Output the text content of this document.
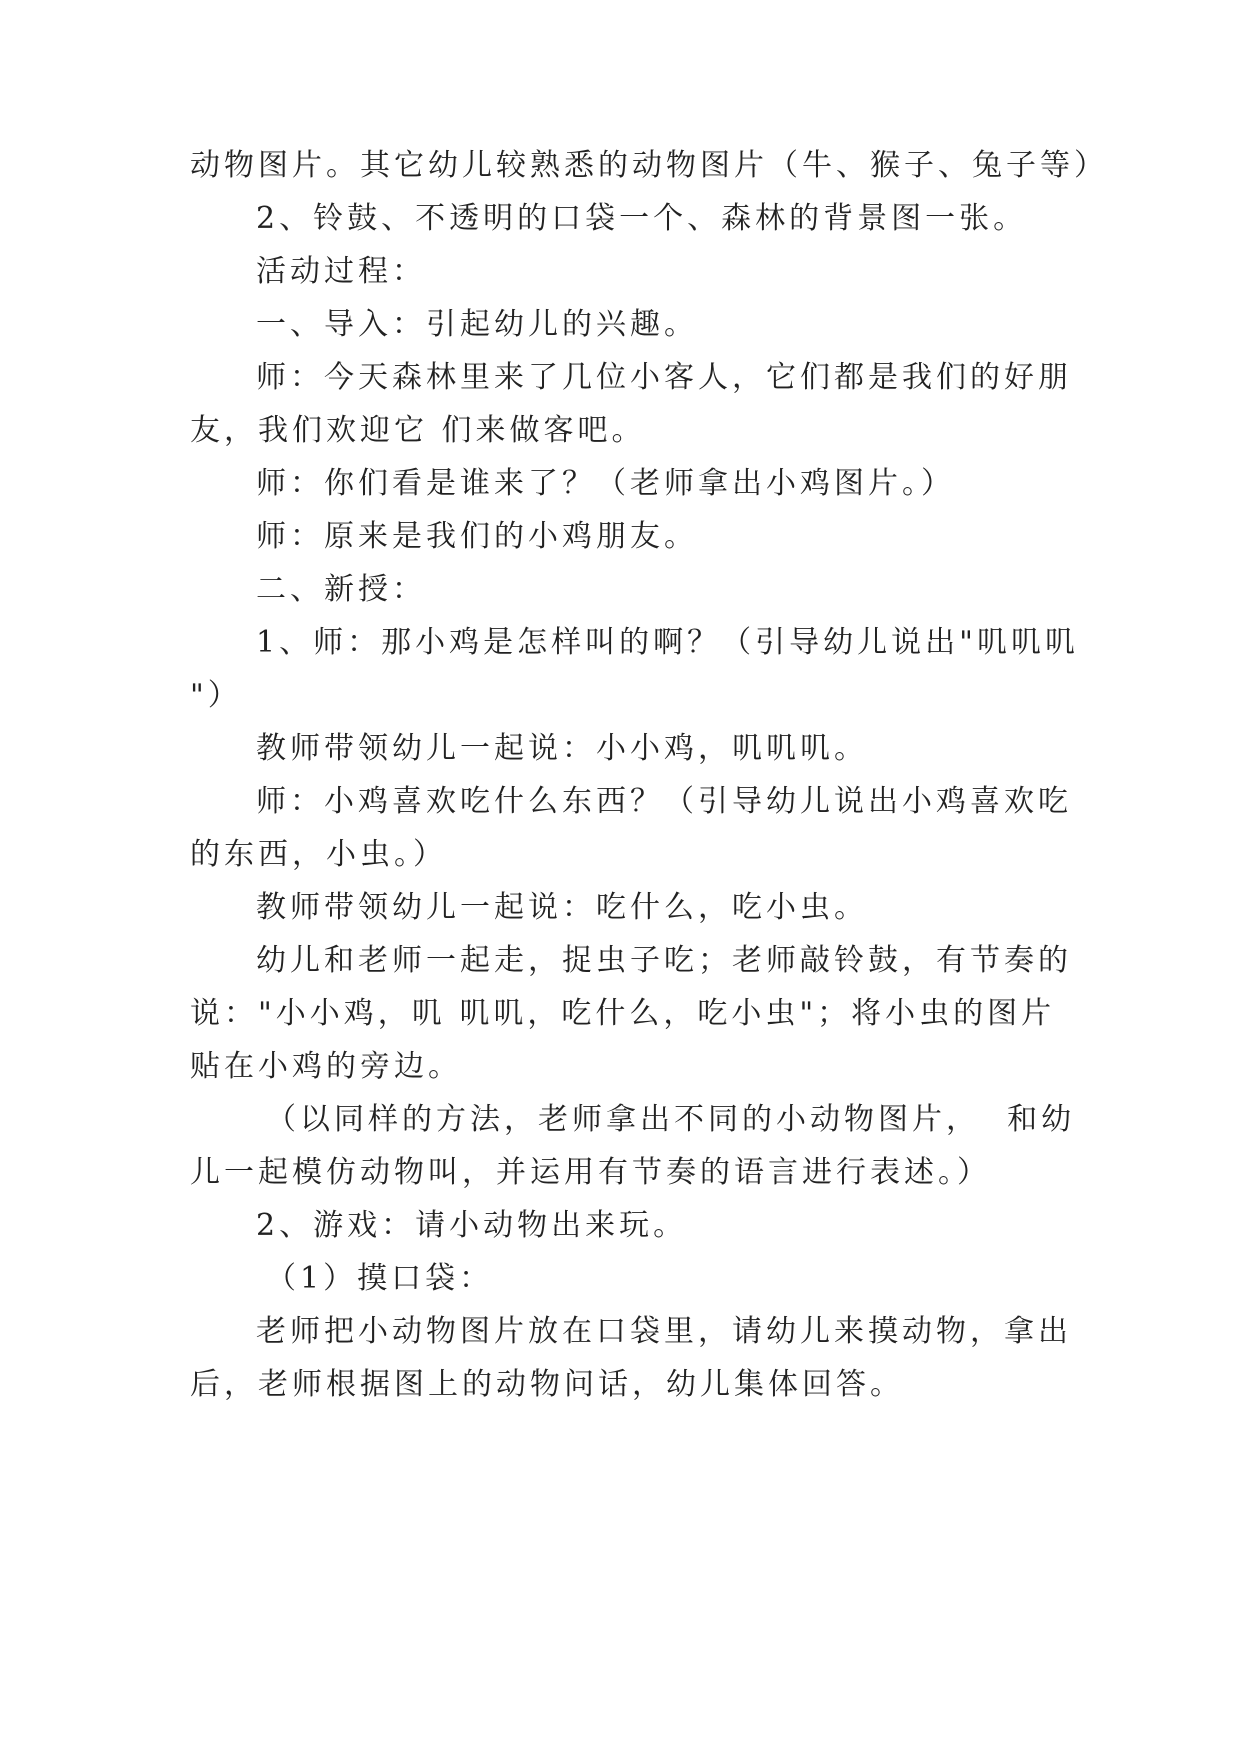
动物图片。其它幼儿较熟悉的动物图片（牛、猴子、兔子等）
2、铃鼓、不透明的口袋一个、森林的背景图一张。
活动过程：
一、导入：引起幼儿的兴趣。
师：今天森林里来了几位小客人，它们都是我们的好朋
友，我们欢迎它 们来做客吧。
师：你们看是谁来了？（老师拿出小鸡图片。）
师：原来是我们的小鸡朋友。
二、新授：
1、师：那小鸡是怎样叫的啊？（引导幼儿说出"叽叽叽
"）
教师带领幼儿一起说：小小鸡，叽叽叽。
师：小鸡喜欢吃什么东西？（引导幼儿说出小鸡喜欢吃
的东西，小虫。）
教师带领幼儿一起说：吃什么，吃小虫。
幼儿和老师一起走，捉虫子吃；老师敲铃鼓，有节奏的
说："小小鸡，叽 叽叽，吃什么，吃小虫"；将小虫的图片
贴在小鸡的旁边。
（以同样的方法，老师拿出不同的小动物图片，  和幼
儿一起模仿动物叫，并运用有节奏的语言进行表述。）
2、游戏：请小动物出来玩。
（1）摸口袋：
老师把小动物图片放在口袋里，请幼儿来摸动物，拿出
后，老师根据图上的动物问话，幼儿集体回答。
